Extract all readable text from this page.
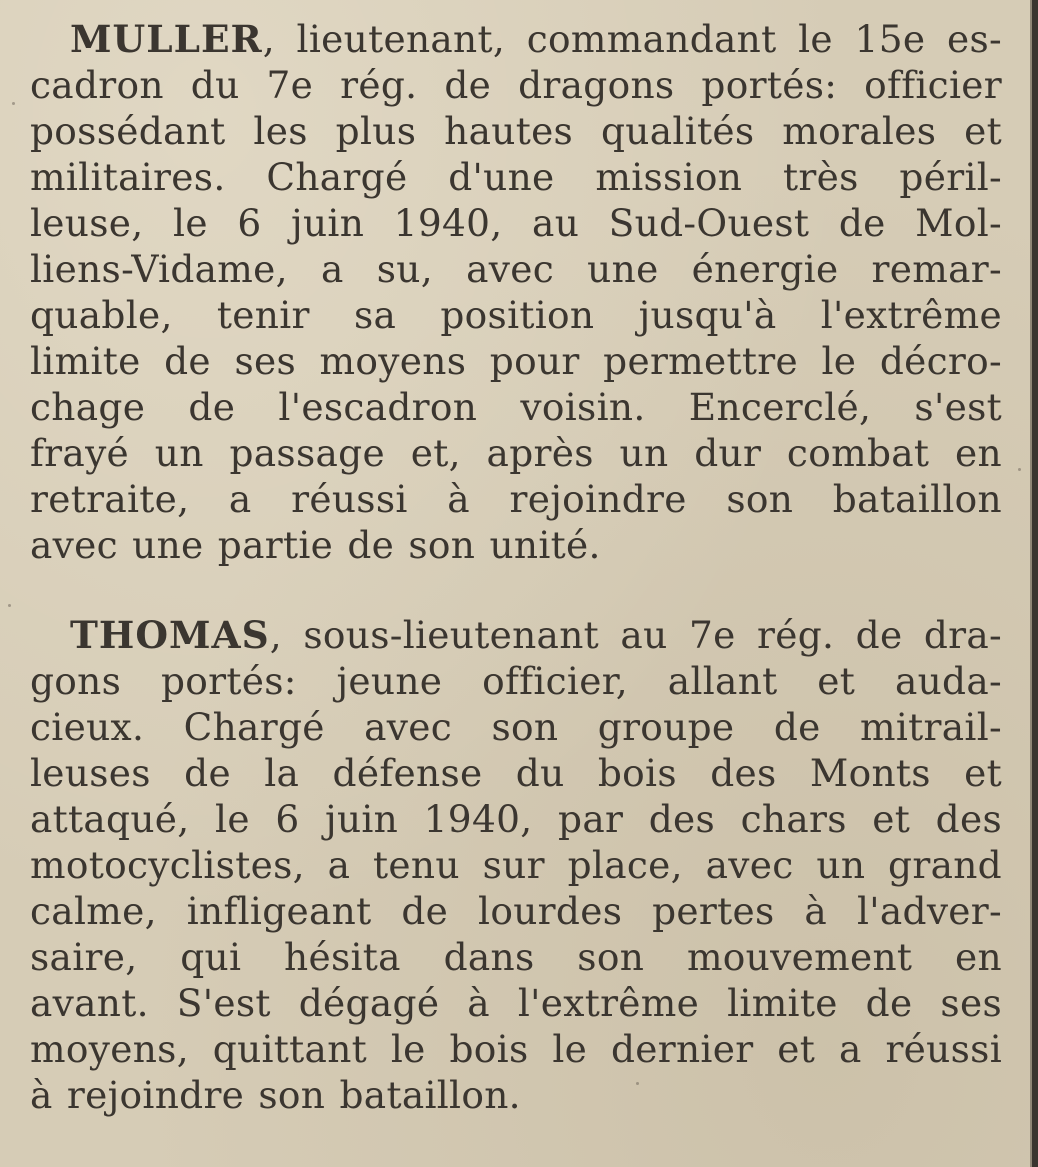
MULLER, lieutenant, commandant le 15e es-
cadron du 7e rég. de dragons portés: officier
possédant les plus hautes qualités morales et
militaires. Chargé d'une mission très péril-
leuse, le 6 juin 1940, au Sud-Ouest de Mol-
liens-Vidame, a su, avec une énergie remar-
quable, tenir sa position jusqu'à l'extrême
limite de ses moyens pour permettre le décro-
chage de l'escadron voisin. Encerclé, s'est
frayé un passage et, après un dur combat en
retraite, a réussi à rejoindre son bataillon
avec une partie de son unité.
THOMAS, sous-lieutenant au 7e rég. de dra-
gons portés: jeune officier, allant et auda-
cieux. Chargé avec son groupe de mitrail-
leuses de la défense du bois des Monts et
attaqué, le 6 juin 1940, par des chars et des
motocyclistes, a tenu sur place, avec un grand
calme, infligeant de lourdes pertes à l'adver-
saire, qui hésita dans son mouvement en
avant. S'est dégagé à l'extrême limite de ses
moyens, quittant le bois le dernier et a réussi
à rejoindre son bataillon.
